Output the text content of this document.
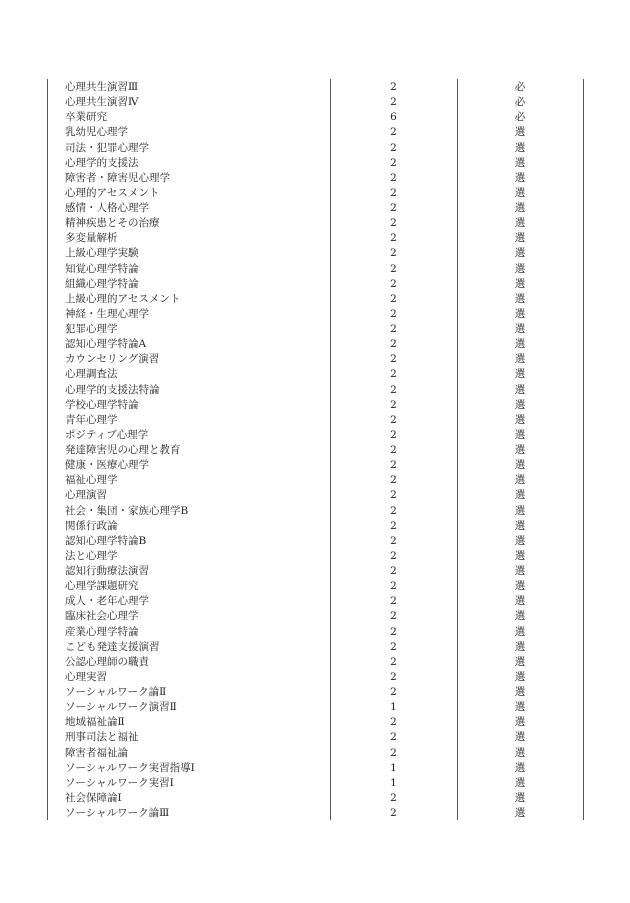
心理共生演習Ⅲ	2	必
心理共生演習Ⅳ	2	必
卒業研究	6	必
乳幼児心理学	2	選
司法・犯罪心理学	2	選
心理学的支援法	2	選
障害者・障害児心理学	2	選
心理的アセスメント	2	選
感情・人格心理学	2	選
精神疾患とその治療	2	選
多変量解析	2	選
上級心理学実験	2	選
知覚心理学特論	2	選
組織心理学特論	2	選
上級心理的アセスメント	2	選
神経・生理心理学	2	選
犯罪心理学	2	選
認知心理学特論A	2	選
カウンセリング演習	2	選
心理調査法	2	選
心理学的支援法特論	2	選
学校心理学特論	2	選
青年心理学	2	選
ポジティブ心理学	2	選
発達障害児の心理と教育	2	選
健康・医療心理学	2	選
福祉心理学	2	選
心理演習	2	選
社会・集団・家族心理学B	2	選
関係行政論	2	選
認知心理学特論B	2	選
法と心理学	2	選
認知行動療法演習	2	選
心理学課題研究	2	選
成人・老年心理学	2	選
臨床社会心理学	2	選
産業心理学特論	2	選
こども発達支援演習	2	選
公認心理師の職責	2	選
心理実習	2	選
ソーシャルワーク論Ⅱ	2	選
ソーシャルワーク演習Ⅱ	1	選
地域福祉論Ⅱ	2	選
刑事司法と福祉	2	選
障害者福祉論	2	選
ソーシャルワーク実習指導Ⅰ	1	選
ソーシャルワーク実習Ⅰ	1	選
社会保障論Ⅰ	2	選
ソーシャルワーク論Ⅲ	2	選
